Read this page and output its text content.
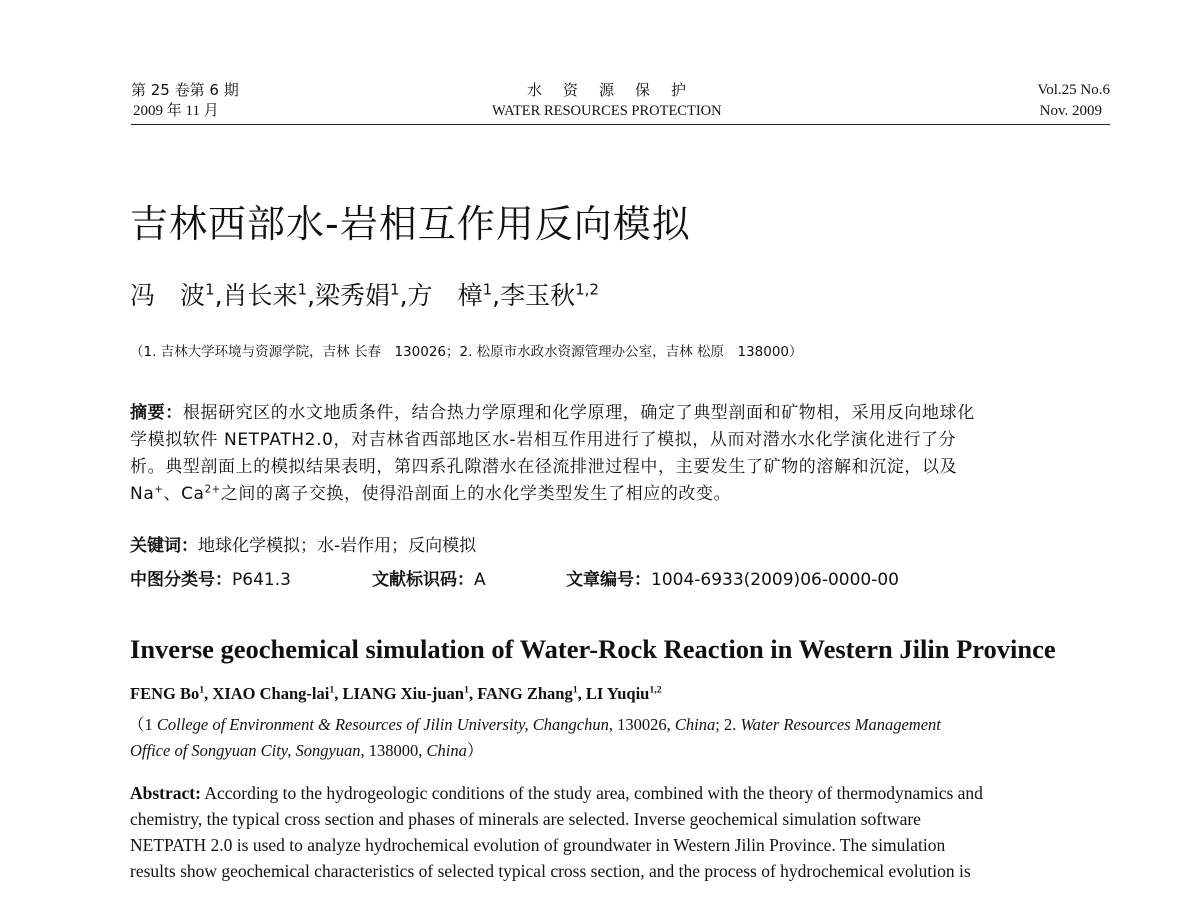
第 25 卷第 6 期
2009 年 11 月
水　资　源　保　护
WATER RESOURCES PROTECTION
Vol.25 No.6
Nov. 2009
吉林西部水-岩相互作用反向模拟
冯　波$^1$,肖长来$^1$,梁秀娟$^1$,方　樟$^1$,李玉秋$^{1,2}$
（1. 吉林大学环境与资源学院，吉林 长春　130026；2. 松原市水政水资源管理办公室，吉林 松原　138000）
摘要：根据研究区的水文地质条件，结合热力学原理和化学原理，确定了典型剖面和矿物相，采用反向地球化
学模拟软件 NETPATH2.0，对吉林省西部地区水-岩相互作用进行了模拟，从而对潜水水化学演化进行了分
析。典型剖面上的模拟结果表明，第四系孔隙潜水在径流排泄过程中，主要发生了矿物的溶解和沉淀，以及
Na+、$Ca^{2+}$之间的离子交换，使得沿剖面上的水化学类型发生了相应的改变。
关键词：地球化学模拟；水-岩作用；反向模拟
中图分类号：P641.3	文献标识码：A	文章编号：1004-6933(2009)06-0000-00
Inverse geochemical simulation of Water-Rock Reaction in Western Jilin Province
FENG Bo$^1$, XIAO Chang-lai$^1$, LIANG Xiu-juan$^1$, FANG Zhang$^1$, LI Yuqiu$^{1,2}$
（1 College of Environment & Resources of Jilin University, Changchun, 130026, China; 2. Water Resources Management
Office of Songyuan City, Songyuan, 138000, China）
Abstract: According to the hydrogeologic conditions of the study area, combined with the theory of thermodynamics and
chemistry, the typical cross section and phases of minerals are selected. Inverse geochemical simulation software
NETPATH 2.0 is used to analyze hydrochemical evolution of groundwater in Western Jilin Province. The simulation
results show geochemical characteristics of selected typical cross section, and the process of hydrochemical evolution is
